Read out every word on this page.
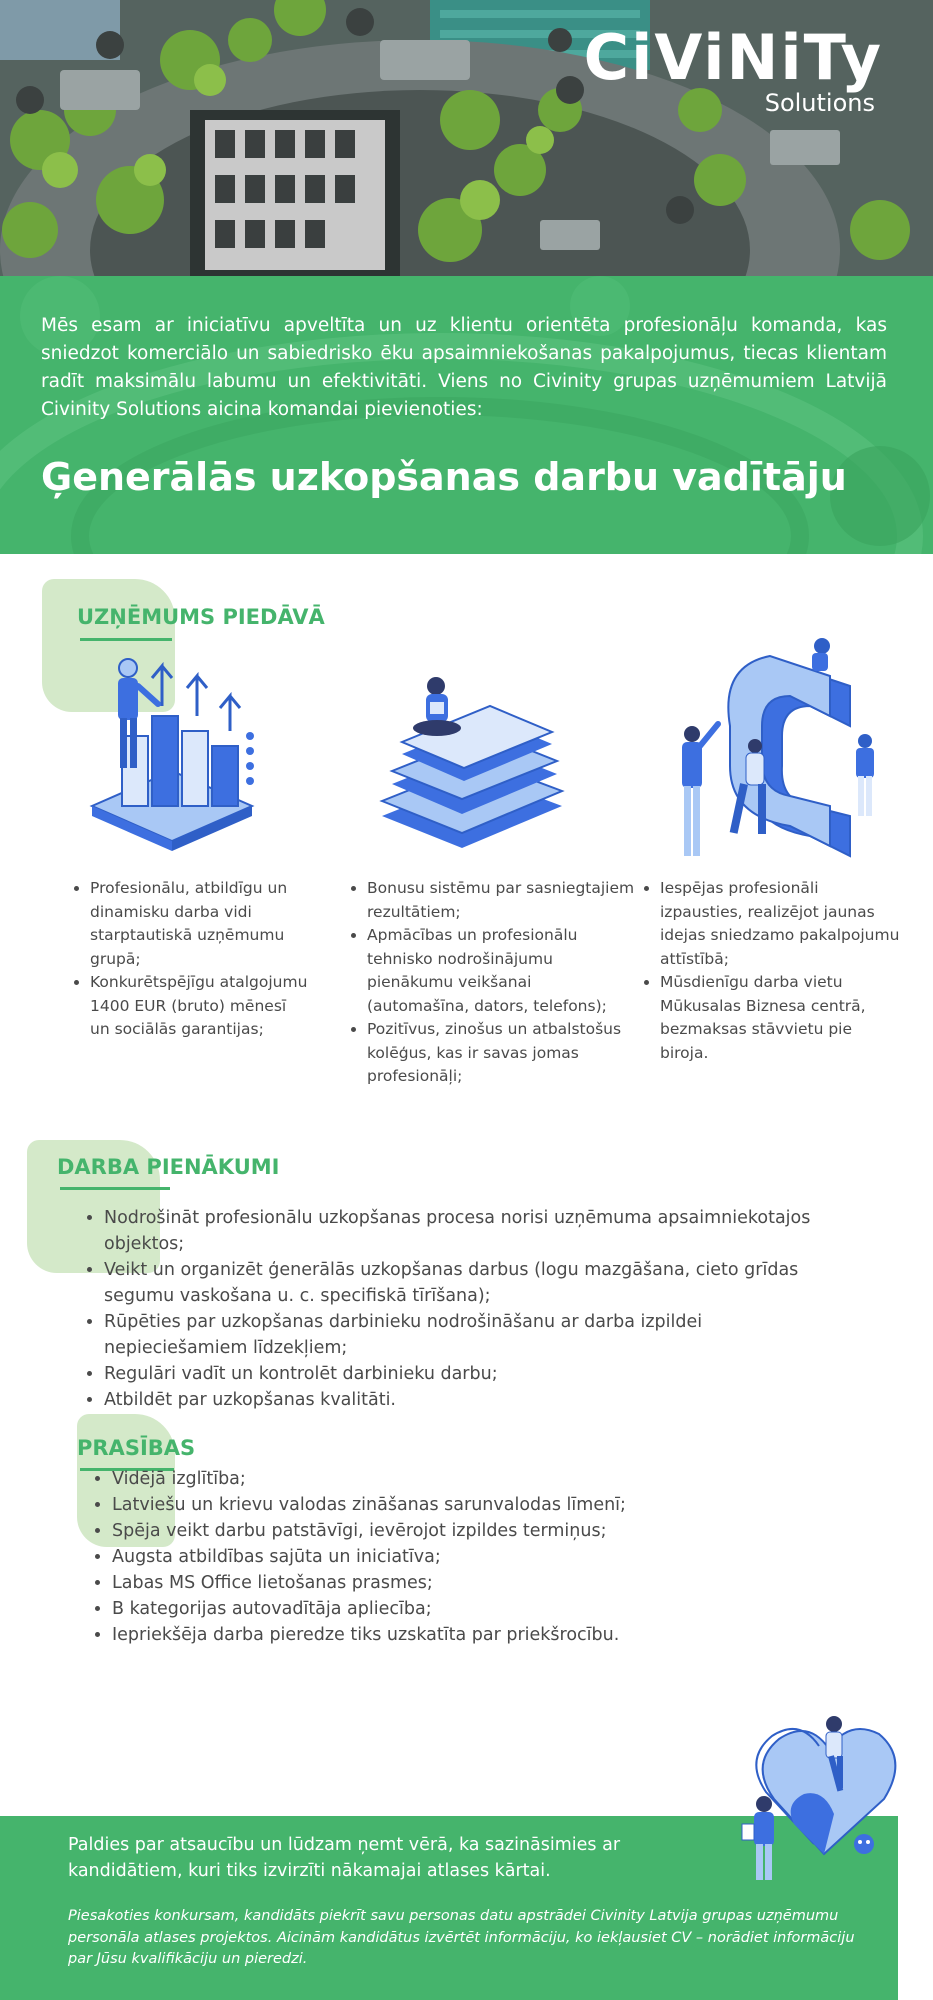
CiViNiTy
Solutions
Mēs esam ar iniciatīvu apveltīta un uz klientu orientēta profesionāļu komanda, kas sniedzot komerciālo un sabiedrisko ēku apsaimniekošanas pakalpojumus, tiecas klientam radīt maksimālu labumu un efektivitāti. Viens no Civinity grupas uzņēmumiem Latvijā Civinity Solutions aicina komandai pievienoties:
Ģenerālās uzkopšanas darbu vadītāju
UZŅĒMUMS PIEDĀVĀ
• Profesionālu, atbildīgu un dinamisku darba vidi starptautiskā uzņēmumu grupā;
• Konkurētspējīgu atalgojumu 1400 EUR (bruto) mēnesī un sociālās garantijas;
• Bonusu sistēmu par sasniegtajiem rezultātiem;
• Apmācības un profesionālu tehnisko nodrošinājumu pienākumu veikšanai (automašīna, dators, telefons);
• Pozitīvus, zinošus un atbalstošus kolēģus, kas ir savas jomas profesionāļi;
• Iespējas profesionāli izpausties, realizējot jaunas idejas sniedzamo pakalpojumu attīstībā;
• Mūsdienīgu darba vietu Mūkusalas Biznesa centrā, bezmaksas stāvvietu pie biroja.
DARBA PIENĀKUMI
• Nodrošināt profesionālu uzkopšanas procesa norisi uzņēmuma apsaimniekotajos objektos;
• Veikt un organizēt ģenerālās uzkopšanas darbus (logu mazgāšana, cieto grīdas segumu vaskošana u. c. specifiskā tīrīšana);
• Rūpēties par uzkopšanas darbinieku nodrošināšanu ar darba izpildei nepieciešamiem līdzekļiem;
• Regulāri vadīt un kontrolēt darbinieku darbu;
• Atbildēt par uzkopšanas kvalitāti.
PRASĪBAS
• Vidējā izglītība;
• Latviešu un krievu valodas zināšanas sarunvalodas līmenī;
• Spēja veikt darbu patstāvīgi, ievērojot izpildes termiņus;
• Augsta atbildības sajūta un iniciatīva;
• Labas MS Office lietošanas prasmes;
• B kategorijas autovadītāja apliecība;
• Iepriekšēja darba pieredze tiks uzskatīta par priekšrocību.
Paldies par atsaucību un lūdzam ņemt vērā, ka sazināsimies ar kandidātiem, kuri tiks izvirzīti nākamajai atlases kārtai.
Piesakoties konkursam, kandidāts piekrīt savu personas datu apstrādei Civinity Latvija grupas uzņēmumu personāla atlases projektos. Aicinām kandidātus izvērtēt informāciju, ko iekļausiet CV – norādiet informāciju par Jūsu kvalifikāciju un pieredzi.
